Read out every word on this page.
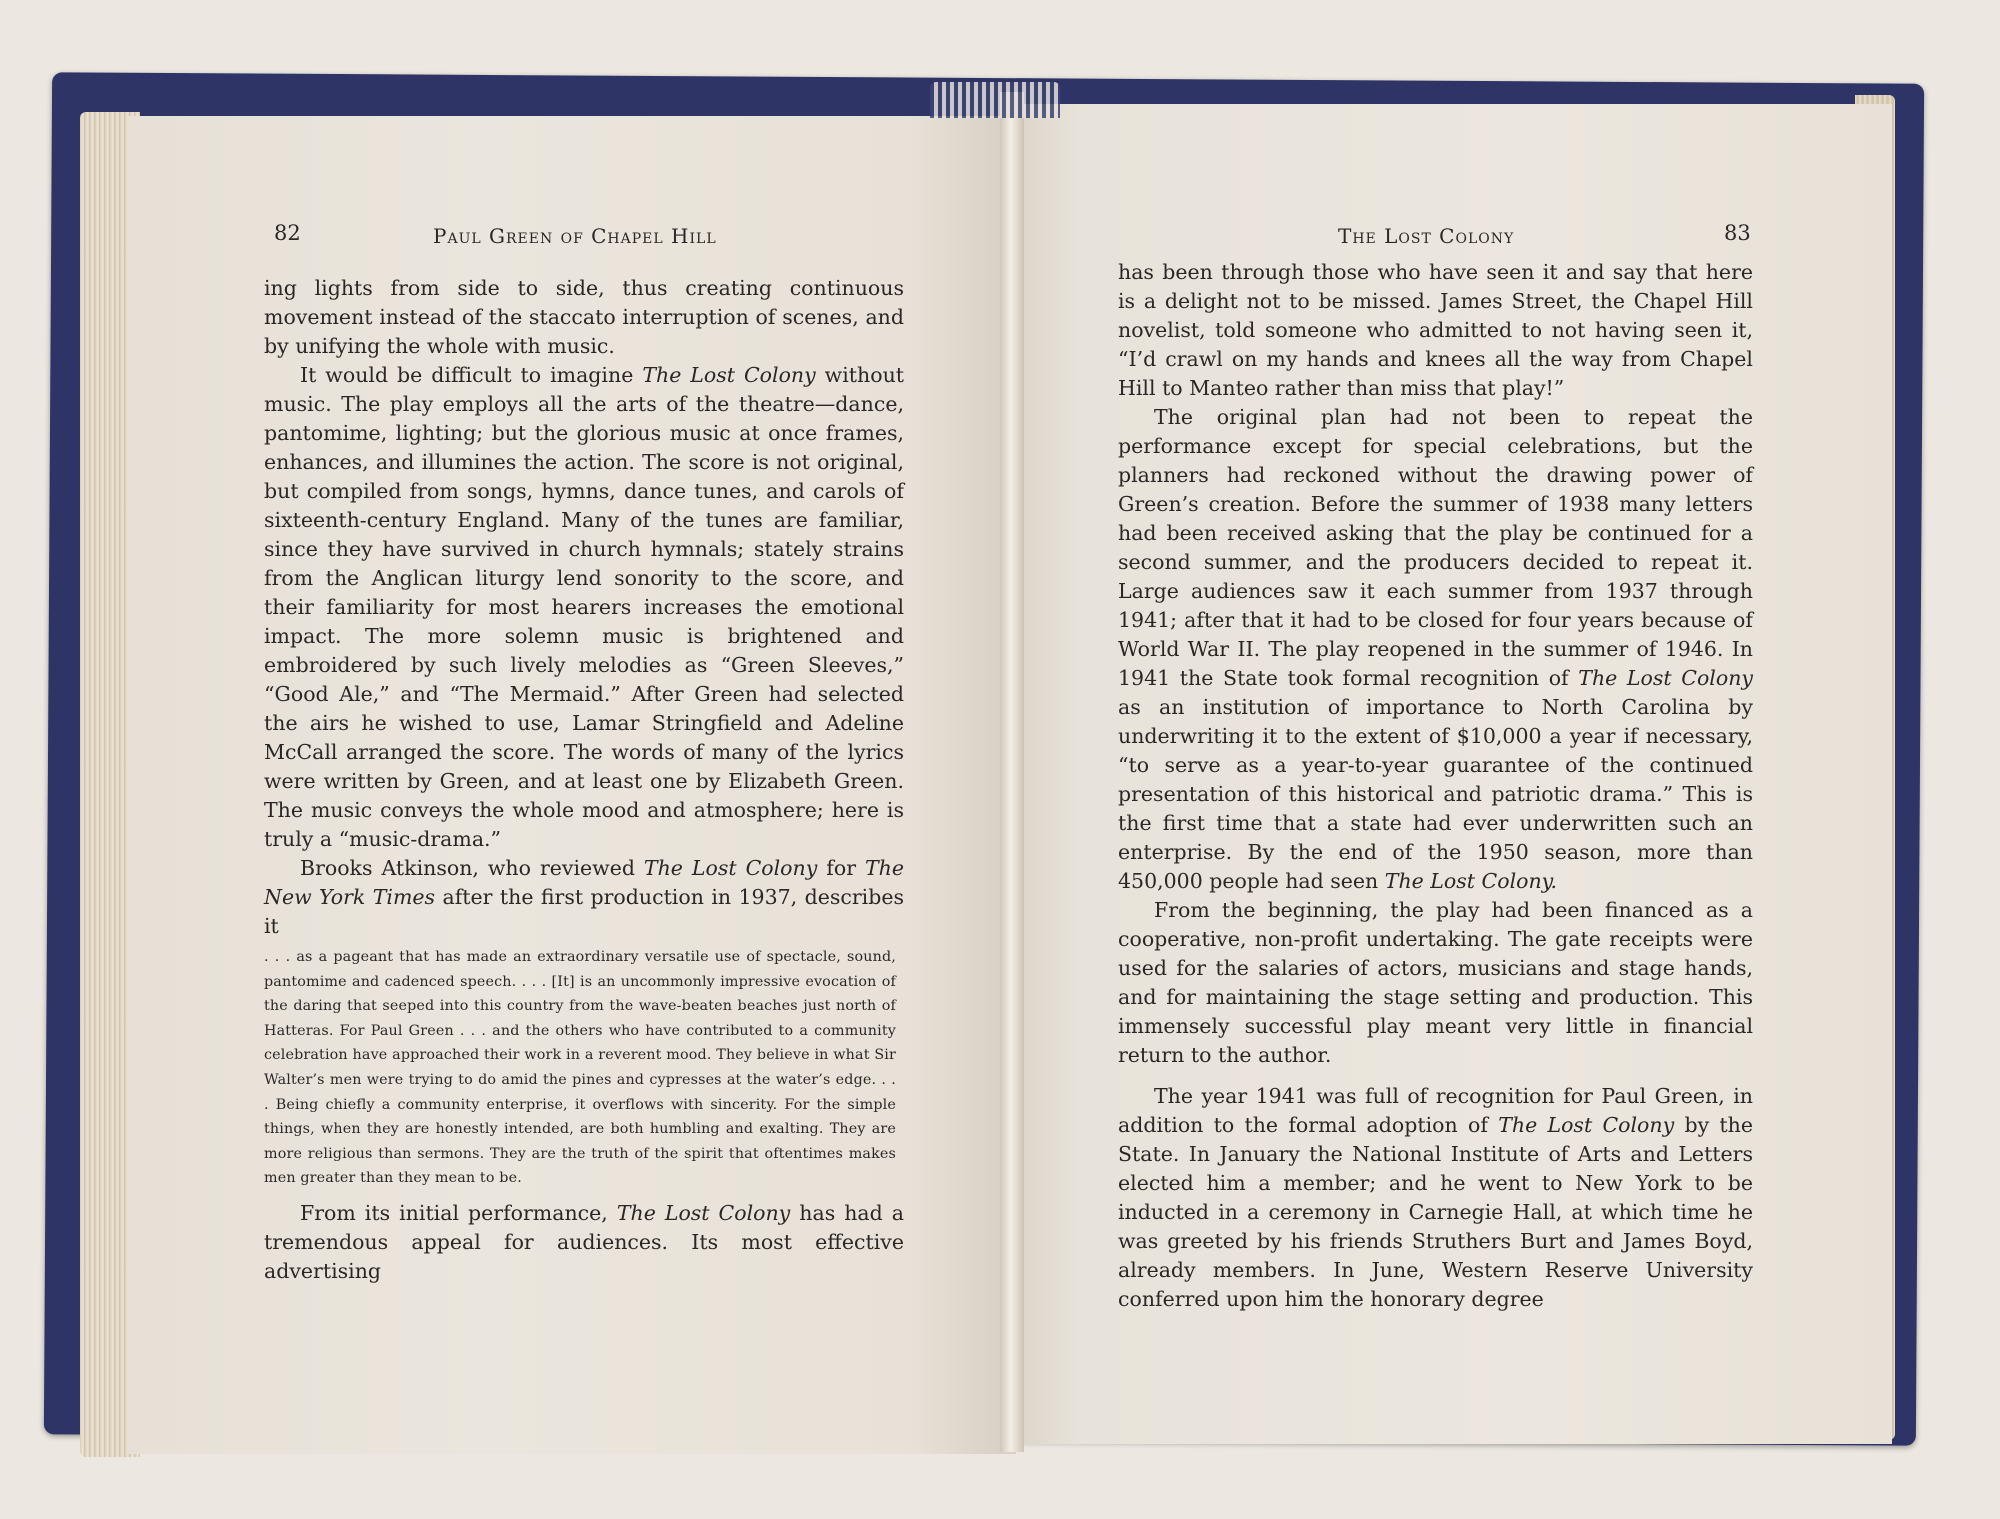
82	Paul Green of Chapel Hill

ing lights from side to side, thus creating continuous movement instead of the staccato interruption of scenes, and by unifying the whole with music.

It would be difficult to imagine The Lost Colony without music. The play employs all the arts of the theatre—dance, pantomime, lighting; but the glorious music at once frames, enhances, and illumines the action. The score is not original, but compiled from songs, hymns, dance tunes, and carols of sixteenth-century England. Many of the tunes are familiar, since they have survived in church hymnals; stately strains from the Anglican liturgy lend sonority to the score, and their familiarity for most hearers increases the emotional impact. The more solemn music is brightened and embroidered by such lively melodies as “Green Sleeves,” “Good Ale,” and “The Mermaid.” After Green had selected the airs he wished to use, Lamar Stringfield and Adeline McCall arranged the score. The words of many of the lyrics were written by Green, and at least one by Elizabeth Green. The music conveys the whole mood and atmosphere; here is truly a “music-drama.”

Brooks Atkinson, who reviewed The Lost Colony for The New York Times after the first production in 1937, describes it

. . . as a pageant that has made an extraordinary versatile use of spectacle, sound, pantomime and cadenced speech. . . . [It] is an uncommonly impressive evocation of the daring that seeped into this country from the wave-beaten beaches just north of Hatteras. For Paul Green . . . and the others who have contributed to a community celebration have approached their work in a reverent mood. They believe in what Sir Walter’s men were trying to do amid the pines and cypresses at the water’s edge. . . . Being chiefly a community enterprise, it overflows with sincerity. For the simple things, when they are honestly intended, are both humbling and exalting. They are more religious than sermons. They are the truth of the spirit that oftentimes makes men greater than they mean to be.

From its initial performance, The Lost Colony has had a tremendous appeal for audiences. Its most effective advertising

The Lost Colony	83

has been through those who have seen it and say that here is a delight not to be missed. James Street, the Chapel Hill novelist, told someone who admitted to not having seen it, “I’d crawl on my hands and knees all the way from Chapel Hill to Manteo rather than miss that play!”

The original plan had not been to repeat the performance except for special celebrations, but the planners had reckoned without the drawing power of Green’s creation. Before the summer of 1938 many letters had been received asking that the play be continued for a second summer, and the producers decided to repeat it. Large audiences saw it each summer from 1937 through 1941; after that it had to be closed for four years because of World War II. The play reopened in the summer of 1946. In 1941 the State took formal recognition of The Lost Colony as an institution of importance to North Carolina by underwriting it to the extent of $10,000 a year if necessary, “to serve as a year-to-year guarantee of the continued presentation of this historical and patriotic drama.” This is the first time that a state had ever underwritten such an enterprise. By the end of the 1950 season, more than 450,000 people had seen The Lost Colony.

From the beginning, the play had been financed as a cooperative, non-profit undertaking. The gate receipts were used for the salaries of actors, musicians and stage hands, and for maintaining the stage setting and production. This immensely successful play meant very little in financial return to the author.

The year 1941 was full of recognition for Paul Green, in addition to the formal adoption of The Lost Colony by the State. In January the National Institute of Arts and Letters elected him a member; and he went to New York to be inducted in a ceremony in Carnegie Hall, at which time he was greeted by his friends Struthers Burt and James Boyd, already members. In June, Western Reserve University conferred upon him the honorary degree
